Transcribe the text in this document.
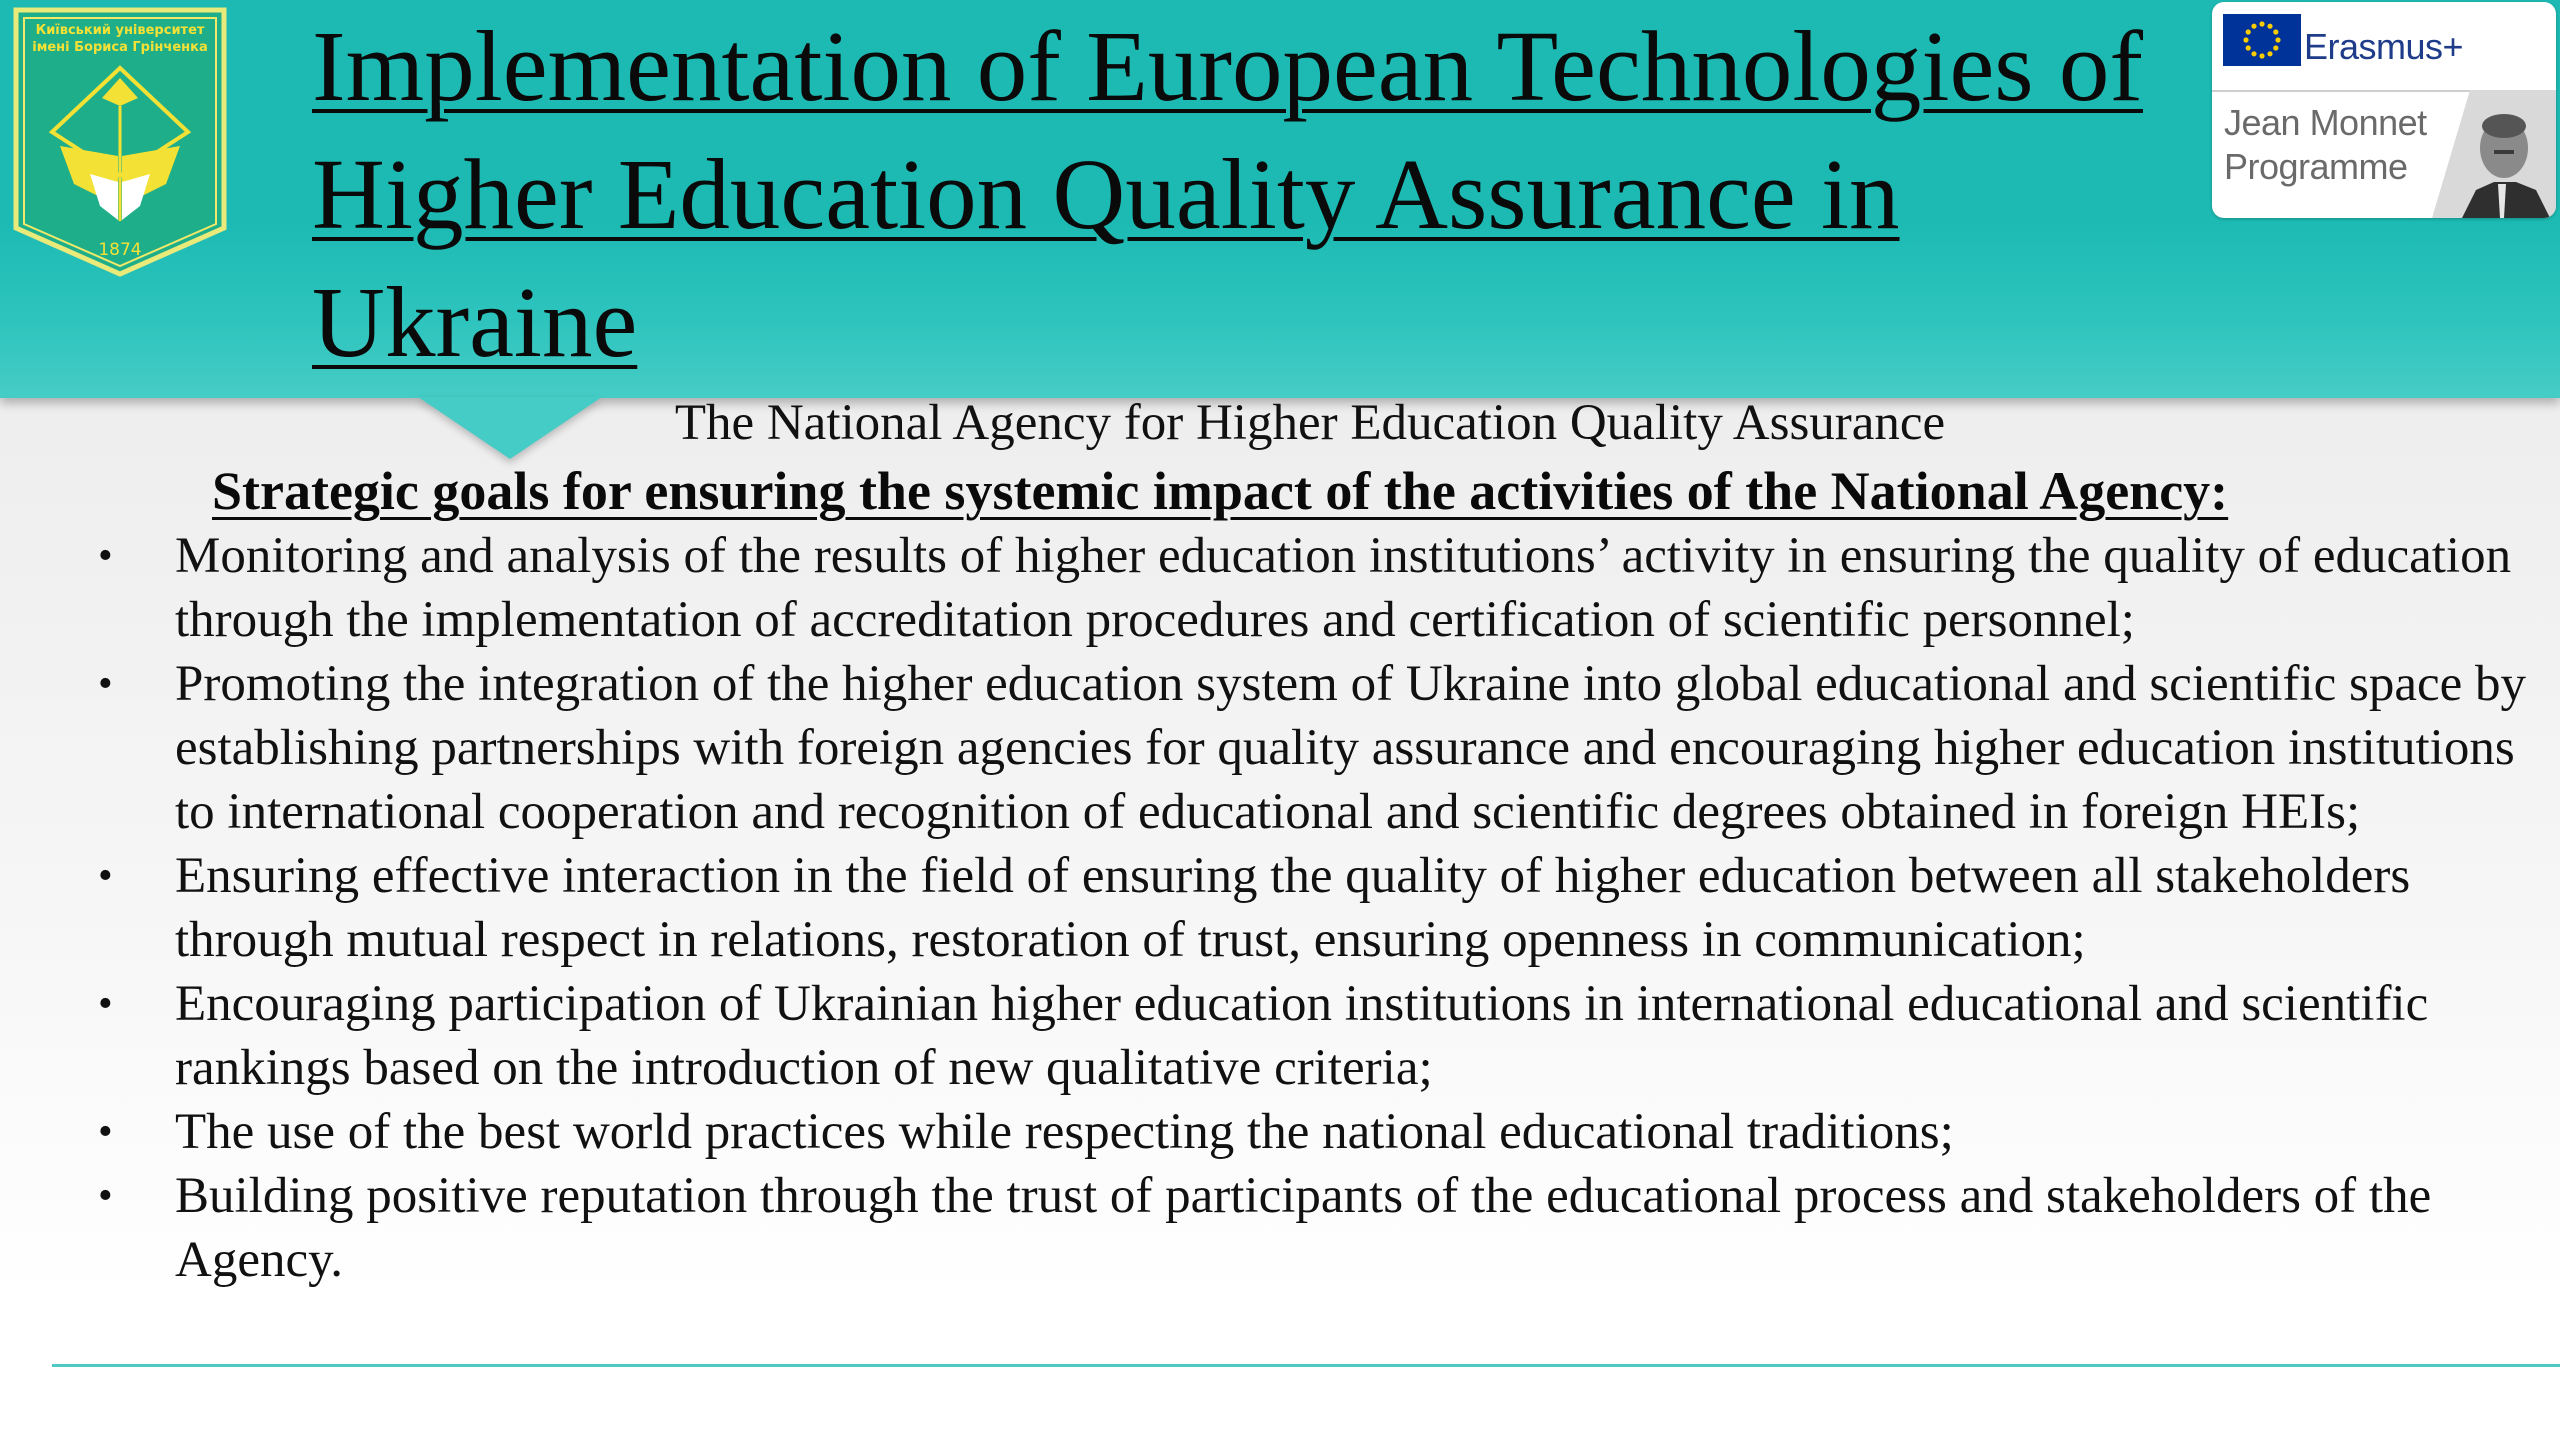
Київський університет
імені Бориса Грінченка
1874
Implementation of European Technologies of Higher Education Quality Assurance in Ukraine
Erasmus+
Jean Monnet
Programme
The National Agency for Higher Education Quality Assurance
Strategic goals for ensuring the systemic impact of the activities of the National Agency:
• Monitoring and analysis of the results of higher education institutions’ activity in ensuring the quality of education through the implementation of accreditation procedures and certification of scientific personnel;
• Promoting the integration of the higher education system of Ukraine into global educational and scientific space by establishing partnerships with foreign agencies for quality assurance and encouraging higher education institutions to international cooperation and recognition of educational and scientific degrees obtained in foreign HEIs;
• Ensuring effective interaction in the field of ensuring the quality of higher education between all stakeholders through mutual respect in relations, restoration of trust, ensuring openness in communication;
• Encouraging participation of Ukrainian higher education institutions in international educational and scientific rankings based on the introduction of new qualitative criteria;
• The use of the best world practices while respecting the national educational traditions;
• Building positive reputation through the trust of participants of the educational process and stakeholders of the Agency.
